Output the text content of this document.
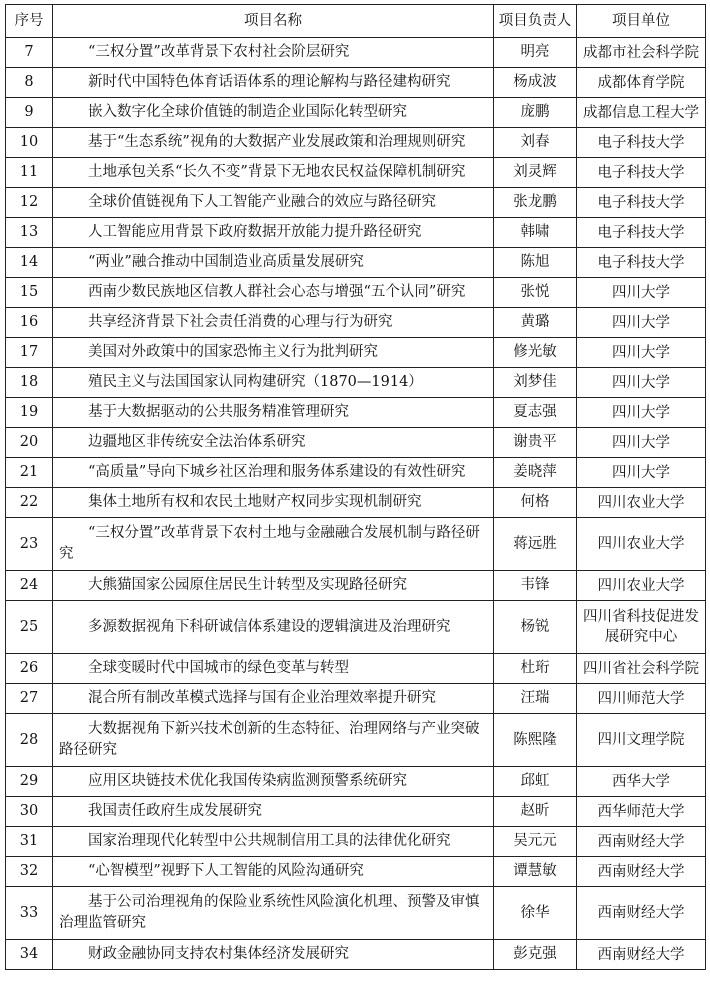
序号	项目名称	项目负责人	项目单位
7	“三权分置”改革背景下农村社会阶层研究	明亮	成都市社会科学院
8	新时代中国特色体育话语体系的理论解构与路径建构研究	杨成波	成都体育学院
9	嵌入数字化全球价值链的制造企业国际化转型研究	庞鹏	成都信息工程大学
10	基于“生态系统”视角的大数据产业发展政策和治理规则研究	刘春	电子科技大学
11	土地承包关系“长久不变”背景下无地农民权益保障机制研究	刘灵辉	电子科技大学
12	全球价值链视角下人工智能产业融合的效应与路径研究	张龙鹏	电子科技大学
13	人工智能应用背景下政府数据开放能力提升路径研究	韩啸	电子科技大学
14	“两业”融合推动中国制造业高质量发展研究	陈旭	电子科技大学
15	西南少数民族地区信教人群社会心态与增强“五个认同”研究	张悦	四川大学
16	共享经济背景下社会责任消费的心理与行为研究	黄璐	四川大学
17	美国对外政策中的国家恐怖主义行为批判研究	修光敏	四川大学
18	殖民主义与法国国家认同构建研究（1870—1914）	刘梦佳	四川大学
19	基于大数据驱动的公共服务精准管理研究	夏志强	四川大学
20	边疆地区非传统安全法治体系研究	谢贵平	四川大学
21	“高质量”导向下城乡社区治理和服务体系建设的有效性研究	姜晓萍	四川大学
22	集体土地所有权和农民土地财产权同步实现机制研究	何格	四川农业大学
23	“三权分置”改革背景下农村土地与金融融合发展机制与路径研究	蒋远胜	四川农业大学
24	大熊猫国家公园原住居民生计转型及实现路径研究	韦锋	四川农业大学
25	多源数据视角下科研诚信体系建设的逻辑演进及治理研究	杨锐	四川省科技促进发展研究中心
26	全球变暖时代中国城市的绿色变革与转型	杜珩	四川省社会科学院
27	混合所有制改革模式选择与国有企业治理效率提升研究	汪瑞	四川师范大学
28	大数据视角下新兴技术创新的生态特征、治理网络与产业突破路径研究	陈熙隆	四川文理学院
29	应用区块链技术优化我国传染病监测预警系统研究	邱虹	西华大学
30	我国责任政府生成发展研究	赵昕	西华师范大学
31	国家治理现代化转型中公共规制信用工具的法律优化研究	吴元元	西南财经大学
32	“心智模型”视野下人工智能的风险沟通研究	谭慧敏	西南财经大学
33	基于公司治理视角的保险业系统性风险演化机理、预警及审慎治理监管研究	徐华	西南财经大学
34	财政金融协同支持农村集体经济发展研究	彭克强	西南财经大学
